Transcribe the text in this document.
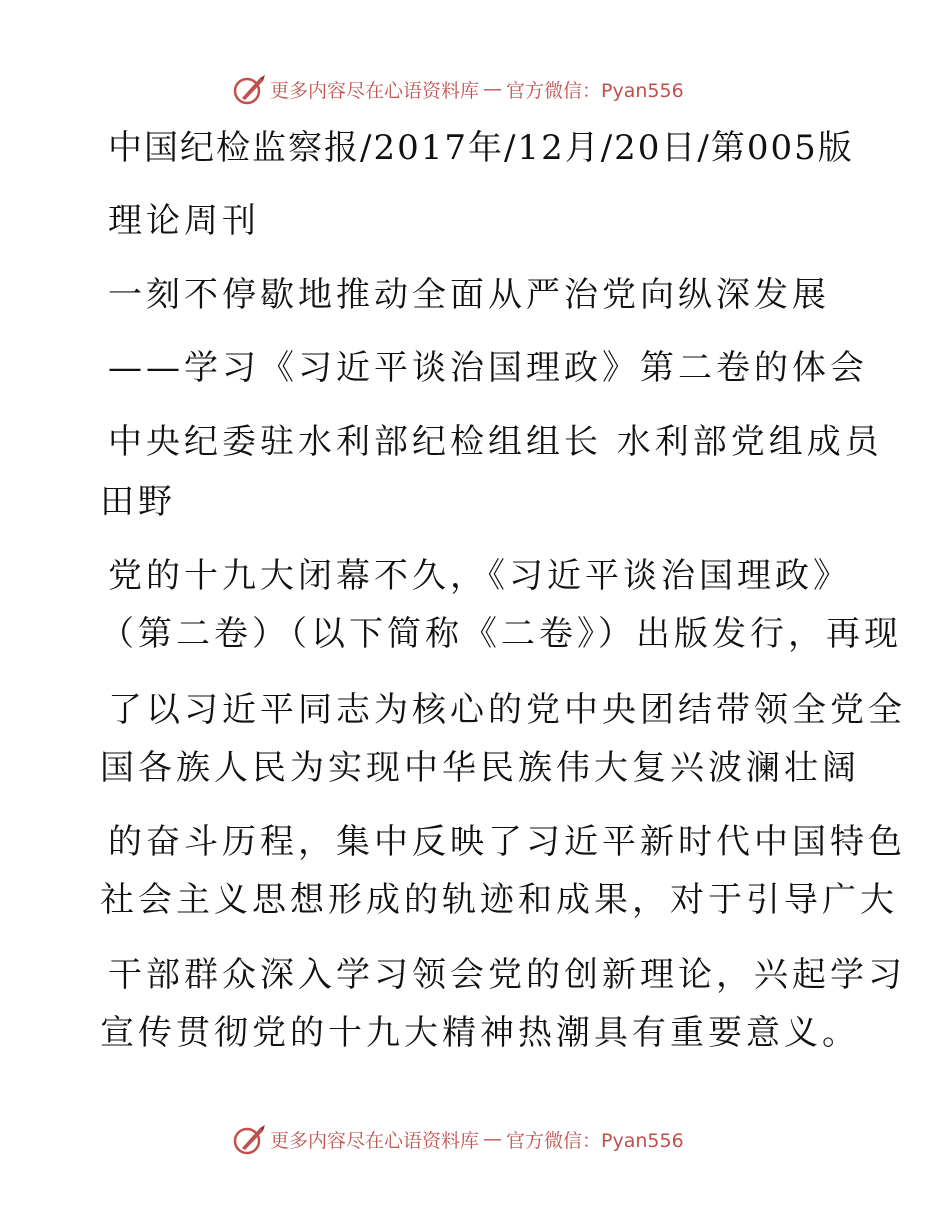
更多内容尽在心语资料库 — 官方微信：Pyan556
中国纪检监察报/2017年/12月/20日/第005版
理论周刊
一刻不停歇地推动全面从严治党向纵深发展
——学习《习近平谈治国理政》第二卷的体会
中央纪委驻水利部纪检组组长 水利部党组成员
田野
党的十九大闭幕不久，《习近平谈治国理政》
（第二卷）（以下简称《二卷》）出版发行，再现
了以习近平同志为核心的党中央团结带领全党全
国各族人民为实现中华民族伟大复兴波澜壮阔
的奋斗历程，集中反映了习近平新时代中国特色
社会主义思想形成的轨迹和成果，对于引导广大
干部群众深入学习领会党的创新理论，兴起学习
宣传贯彻党的十九大精神热潮具有重要意义。
更多内容尽在心语资料库 — 官方微信：Pyan556
